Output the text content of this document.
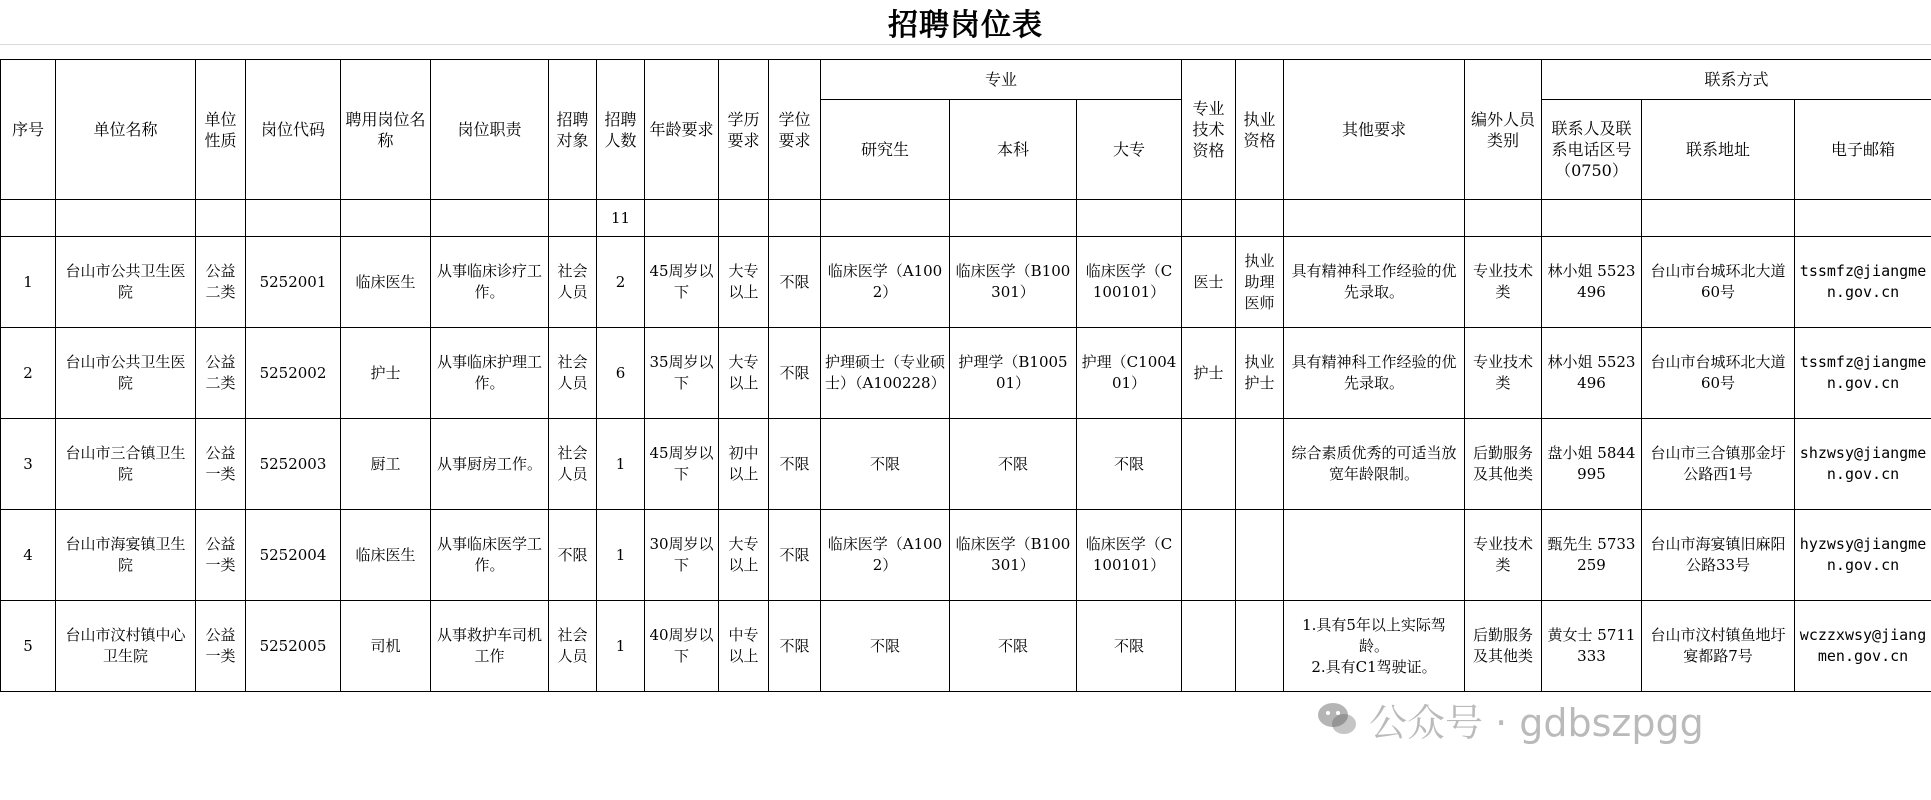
招聘岗位表
序号	单位名称	单位性质	岗位代码	聘用岗位名称	岗位职责	招聘对象	招聘人数	年龄要求	学历要求	学位要求	专业			专业技术资格	执业资格	其他要求	编外人员类别	联系方式		
											研究生	本科	大专					联系人及联系电话区号（0750）	联系地址	电子邮箱
							11													
1	台山市公共卫生医院	公益二类	5252001	临床医生	从事临床诊疗工作。	社会人员	2	45周岁以下	大专以上	不限	临床医学（A1002）	临床医学（B100301）	临床医学（C100101）	医士	执业助理医师	具有精神科工作经验的优先录取。	专业技术类	林小姐 5523496	台山市台城环北大道60号	tssmfz@jiangmen.gov.cn
2	台山市公共卫生医院	公益二类	5252002	护士	从事临床护理工作。	社会人员	6	35周岁以下	大专以上	不限	护理硕士（专业硕士）（A100228）	护理学（B100501）	护理（C100401）	护士	执业护士	具有精神科工作经验的优先录取。	专业技术类	林小姐 5523496	台山市台城环北大道60号	tssmfz@jiangmen.gov.cn
3	台山市三合镇卫生院	公益一类	5252003	厨工	从事厨房工作。	社会人员	1	45周岁以下	初中以上	不限	不限	不限	不限			综合素质优秀的可适当放宽年龄限制。	后勤服务及其他类	盘小姐 5844995	台山市三合镇那金圩公路西1号	shzwsy@jiangmen.gov.cn
4	台山市海宴镇卫生院	公益一类	5252004	临床医生	从事临床医学工作。	不限	1	30周岁以下	大专以上	不限	临床医学（A1002）	临床医学（B100301）	临床医学（C100101）				专业技术类	甄先生 5733259	台山市海宴镇旧麻阳公路33号	hyzwsy@jiangmen.gov.cn
5	台山市汶村镇中心卫生院	公益一类	5252005	司机	从事救护车司机工作	社会人员	1	40周岁以下	中专以上	不限	不限	不限	不限			1.具有5年以上实际驾龄。
2.具有C1驾驶证。	后勤服务及其他类	黄女士 5711333	台山市汶村镇鱼地圩宴都路7号	wczzxwsy@jiangmen.gov.cn
公众号 · gdbszpgg
